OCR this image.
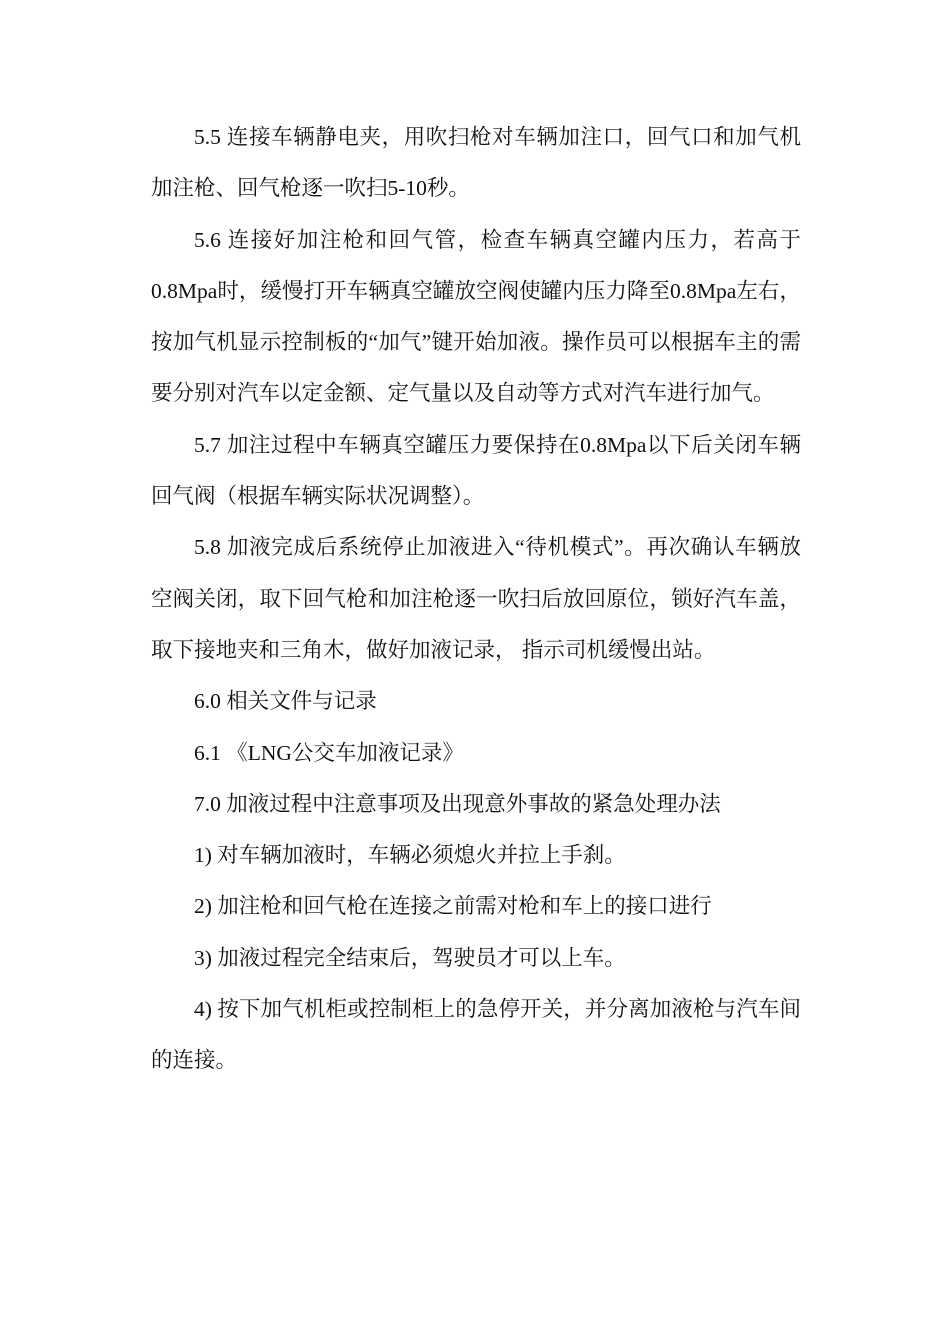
5.5 连接车辆静电夹，用吹扫枪对车辆加注口，回气口和加气机加注枪、回气枪逐一吹扫5-10秒。

5.6 连接好加注枪和回气管，检查车辆真空罐内压力，若高于0.8Mpa时，缓慢打开车辆真空罐放空阀使罐内压力降至0.8Mpa左右，按加气机显示控制板的“加气”键开始加液。操作员可以根据车主的需要分别对汽车以定金额、定气量以及自动等方式对汽车进行加气。

5.7 加注过程中车辆真空罐压力要保持在0.8Mpa以下后关闭车辆回气阀（根据车辆实际状况调整）。

5.8 加液完成后系统停止加液进入“待机模式”。再次确认车辆放空阀关闭，取下回气枪和加注枪逐一吹扫后放回原位，锁好汽车盖，取下接地夹和三角木，做好加液记录， 指示司机缓慢出站。

6.0 相关文件与记录

6.1 《LNG公交车加液记录》

7.0 加液过程中注意事项及出现意外事故的紧急处理办法

1) 对车辆加液时，车辆必须熄火并拉上手刹。

2) 加注枪和回气枪在连接之前需对枪和车上的接口进行

3) 加液过程完全结束后，驾驶员才可以上车。

4) 按下加气机柜或控制柜上的急停开关，并分离加液枪与汽车间的连接。
